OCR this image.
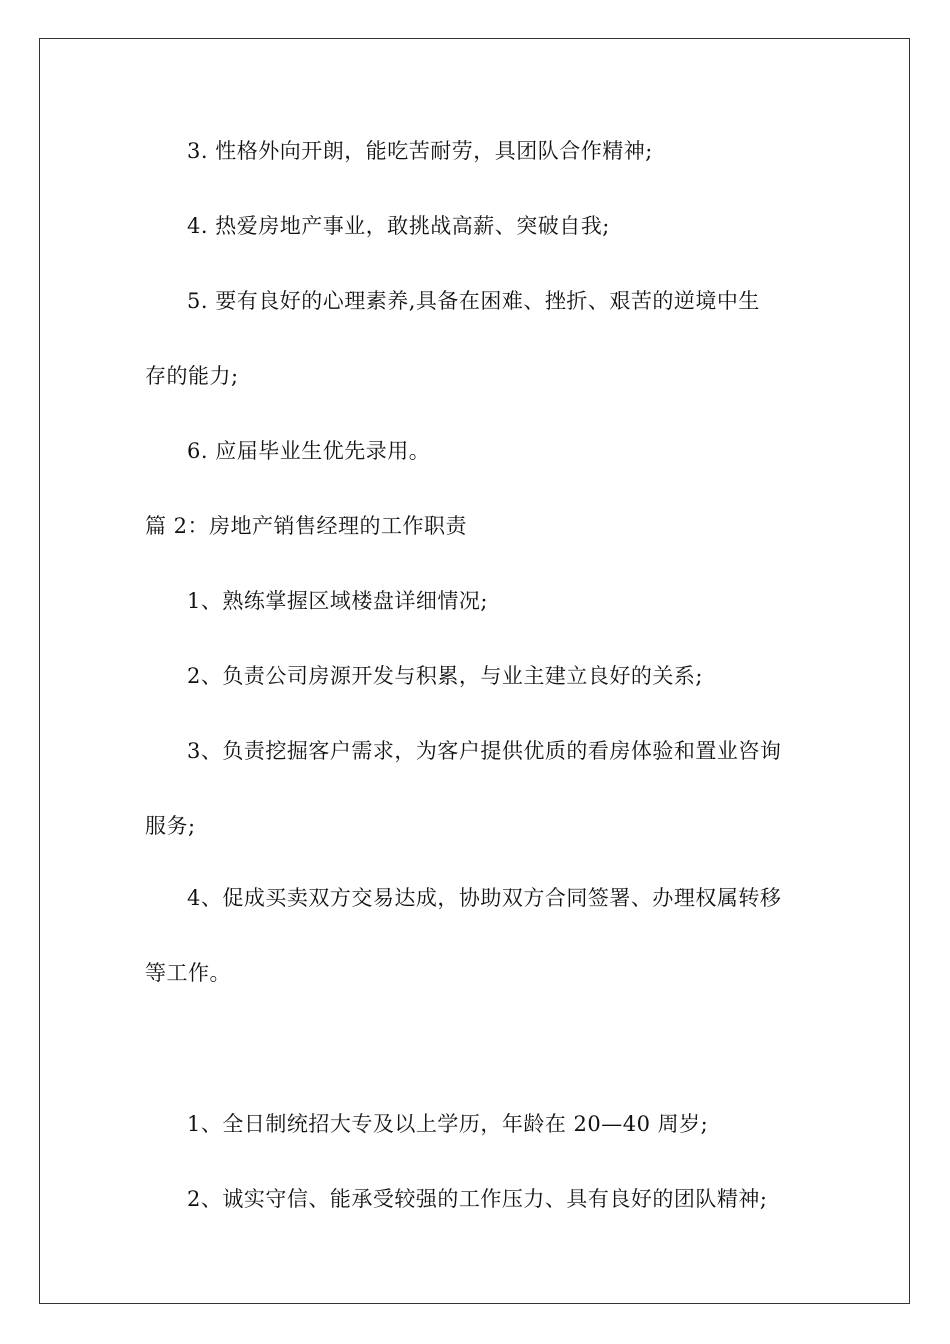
3. 性格外向开朗，能吃苦耐劳，具团队合作精神;
4. 热爱房地产事业，敢挑战高薪、突破自我;
5. 要有良好的心理素养,具备在困难、挫折、艰苦的逆境中生
存的能力;
6. 应届毕业生优先录用。
篇 2：房地产销售经理的工作职责
1、熟练掌握区域楼盘详细情况;
2、负责公司房源开发与积累，与业主建立良好的关系;
3、负责挖掘客户需求，为客户提供优质的看房体验和置业咨询
服务;
4、促成买卖双方交易达成，协助双方合同签署、办理权属转移
等工作。
1、全日制统招大专及以上学历，年龄在 20—40 周岁;
2、诚实守信、能承受较强的工作压力、具有良好的团队精神;
